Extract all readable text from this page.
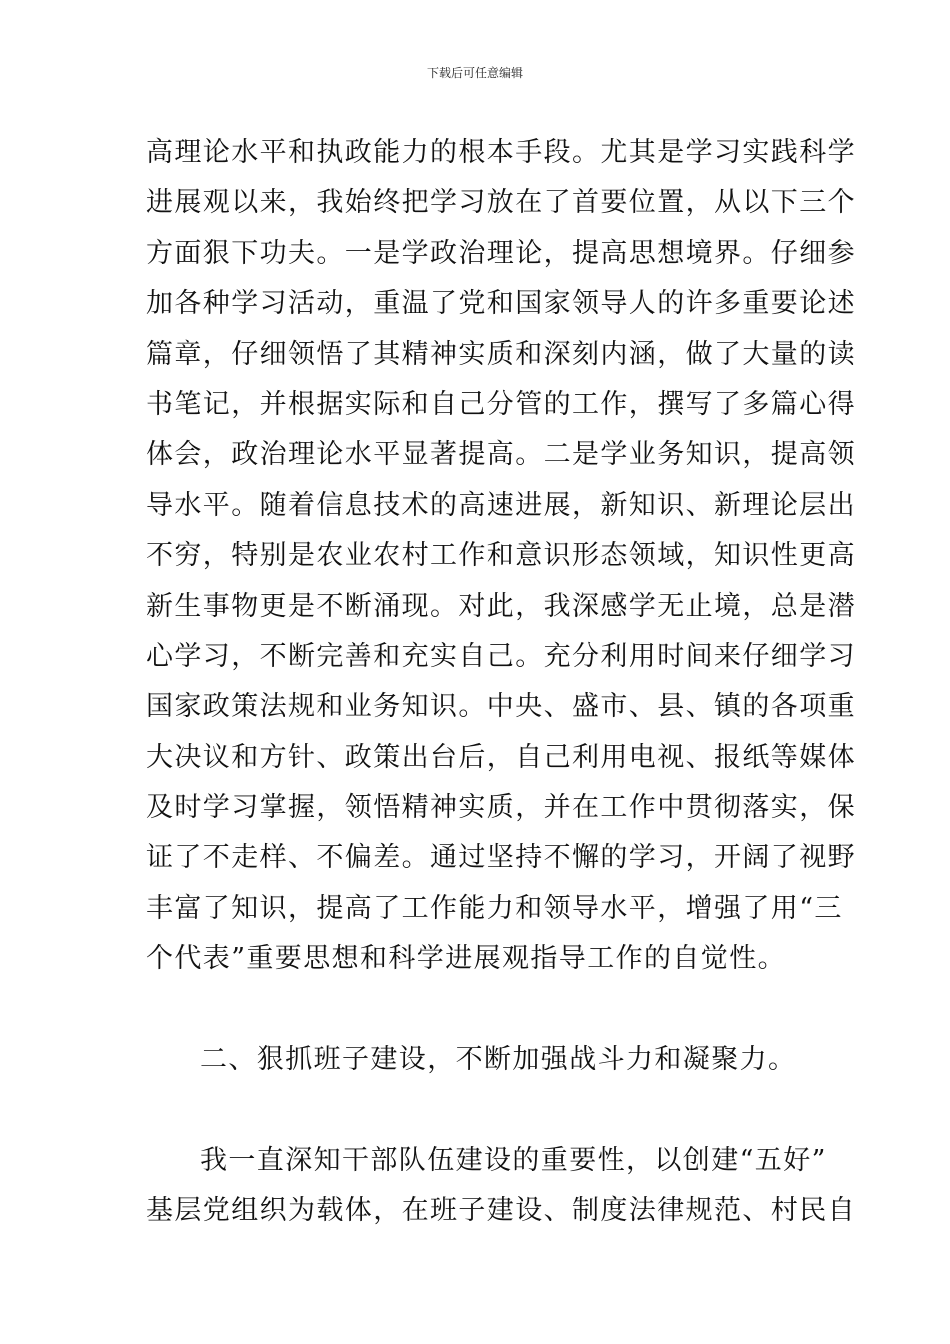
下载后可任意编辑
高理论水平和执政能力的根本手段。尤其是学习实践科学
进展观以来，我始终把学习放在了首要位置，从以下三个
方面狠下功夫。一是学政治理论，提高思想境界。仔细参
加各种学习活动，重温了党和国家领导人的许多重要论述
篇章，仔细领悟了其精神实质和深刻内涵，做了大量的读
书笔记，并根据实际和自己分管的工作，撰写了多篇心得
体会，政治理论水平显著提高。二是学业务知识，提高领
导水平。随着信息技术的高速进展，新知识、新理论层出
不穷，特别是农业农村工作和意识形态领域，知识性更高
新生事物更是不断涌现。对此，我深感学无止境，总是潜
心学习，不断完善和充实自己。充分利用时间来仔细学习
国家政策法规和业务知识。中央、盛市、县、镇的各项重
大决议和方针、政策出台后，自己利用电视、报纸等媒体
及时学习掌握，领悟精神实质，并在工作中贯彻落实，保
证了不走样、不偏差。通过坚持不懈的学习，开阔了视野
丰富了知识，提高了工作能力和领导水平，增强了用“三
个代表”重要思想和科学进展观指导工作的自觉性。
二、狠抓班子建设，不断加强战斗力和凝聚力。
我一直深知干部队伍建设的重要性，以创建“五好”
基层党组织为载体，在班子建设、制度法律规范、村民自
